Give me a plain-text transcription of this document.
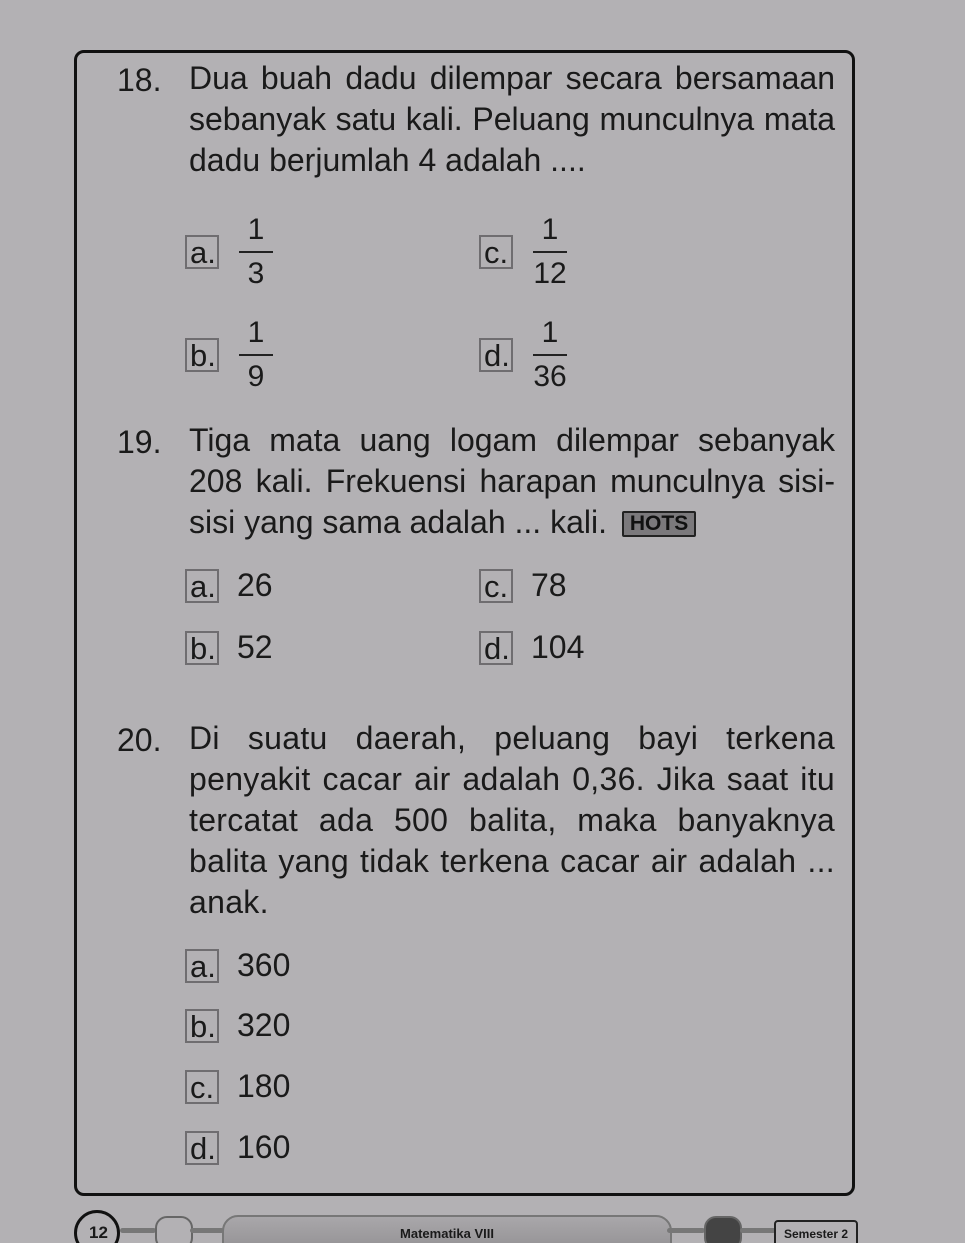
18. Dua buah dadu dilempar secara bersamaan sebanyak satu kali. Peluang munculnya mata dadu berjumlah 4 adalah ....
a. $\frac{1}{3}$
b. $\frac{1}{9}$
c. $\frac{1}{12}$
d. $\frac{1}{36}$
19. Tiga mata uang logam dilempar sebanyak 208 kali. Frekuensi harapan munculnya sisi-sisi yang sama adalah ... kali. HOTS
a. 26
b. 52
c. 78
d. 104
20. Di suatu daerah, peluang bayi terkena penyakit cacar air adalah 0,36. Jika saat itu tercatat ada 500 balita, maka banyaknya balita yang tidak terkena cacar air adalah ... anak.
a. 360
b. 320
c. 180
d. 160
12	Matematika VIII	Semester 2
